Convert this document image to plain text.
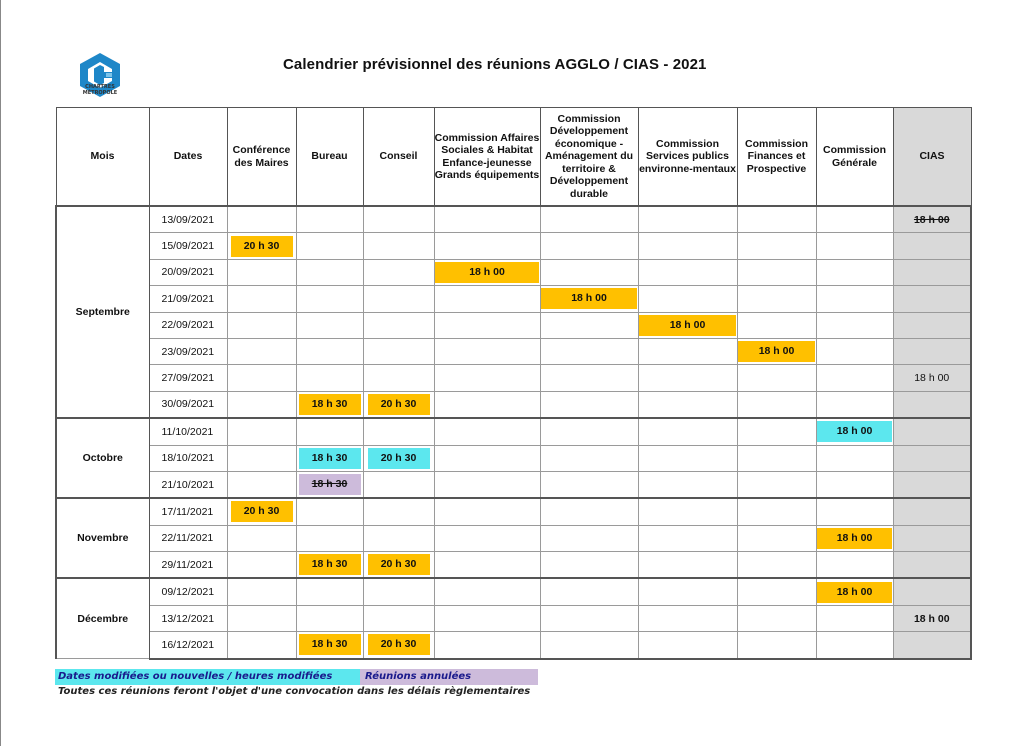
CHARTRES
MÉTROPOLE
Calendrier prévisionnel des réunions AGGLO / CIAS - 2021
Mois	Dates	Conférence des Maires	Bureau	Conseil	Commission Affaires Sociales & Habitat Enfance-jeunesse Grands équipements	Commission Développement économique - Aménagement du territoire & Développement durable	Commission Services publics environne-mentaux	Commission Finances et Prospective	Commission Générale	CIAS
Septembre	13/09/2021									18 h 00
	15/09/2021	20 h 30								
	20/09/2021				18 h 00					
	21/09/2021					18 h 00				
	22/09/2021						18 h 00			
	23/09/2021							18 h 00		
	27/09/2021									18 h 00
	30/09/2021		18 h 30	20 h 30						
Octobre	11/10/2021								18 h 00	
	18/10/2021		18 h 30	20 h 30						
	21/10/2021		18 h 30							
Novembre	17/11/2021	20 h 30								
	22/11/2021								18 h 00	
	29/11/2021		18 h 30	20 h 30						
Décembre	09/12/2021								18 h 00	
	13/12/2021									18 h 00
	16/12/2021		18 h 30	20 h 30						
Dates modifiées ou nouvelles / heures modifiées	Réunions annulées
Toutes ces réunions feront l'objet d'une convocation dans les délais règlementaires
